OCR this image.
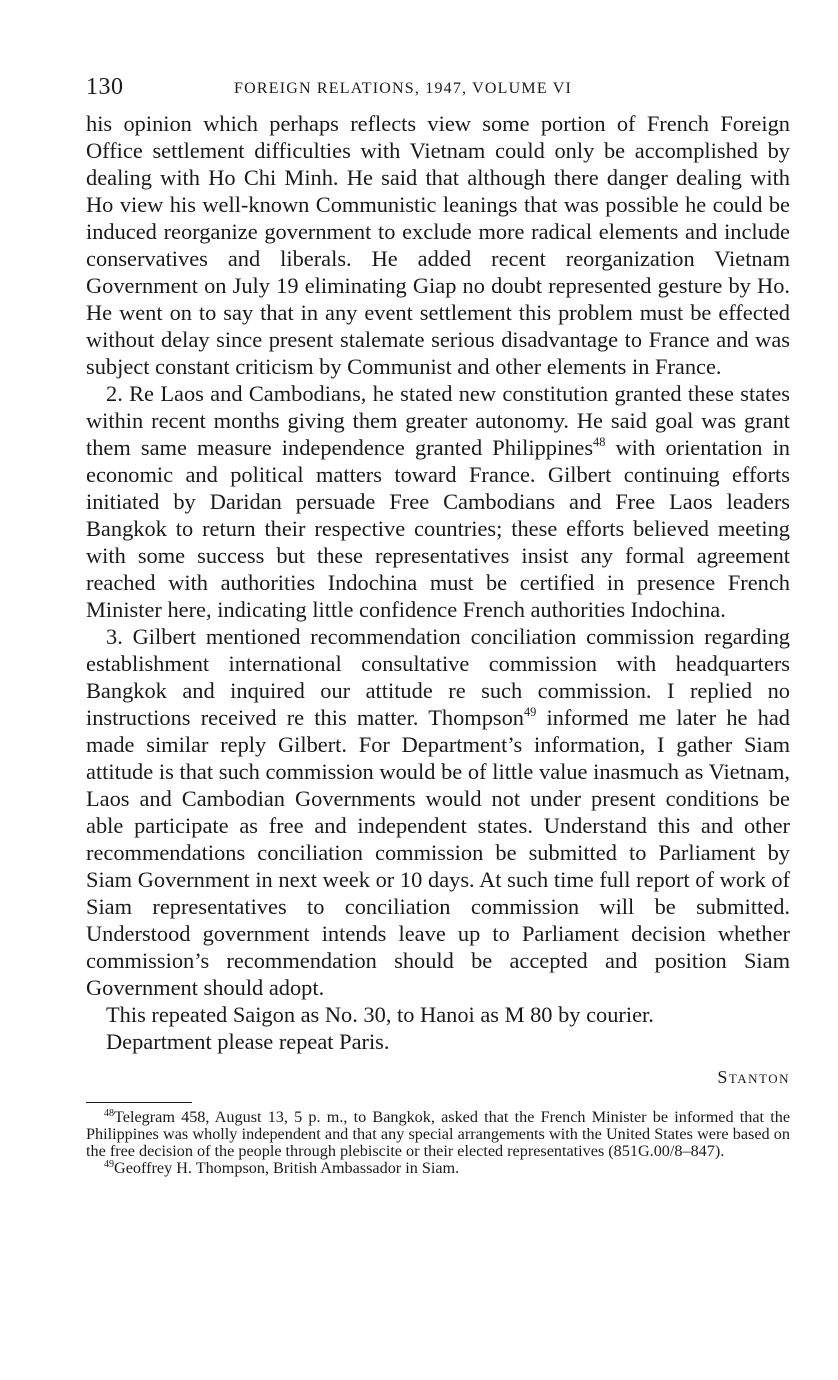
130	FOREIGN RELATIONS, 1947, VOLUME VI

his opinion which perhaps reflects view some portion of French Foreign Office settlement difficulties with Vietnam could only be accomplished by dealing with Ho Chi Minh. He said that although there danger dealing with Ho view his well-known Communistic leanings that was possible he could be induced reorganize government to exclude more radical elements and include conservatives and liberals. He added recent reorganization Vietnam Government on July 19 eliminating Giap no doubt represented gesture by Ho. He went on to say that in any event settlement this problem must be effected without delay since present stalemate serious disadvantage to France and was subject constant criticism by Communist and other elements in France.

2. Re Laos and Cambodians, he stated new constitution granted these states within recent months giving them greater autonomy. He said goal was grant them same measure independence granted Philippines$^{48}$ with orientation in economic and political matters toward France. Gilbert continuing efforts initiated by Daridan persuade Free Cambodians and Free Laos leaders Bangkok to return their respective countries; these efforts believed meeting with some success but these representatives insist any formal agreement reached with authorities Indochina must be certified in presence French Minister here, indicating little confidence French authorities Indochina.

3. Gilbert mentioned recommendation conciliation commission regarding establishment international consultative commission with headquarters Bangkok and inquired our attitude re such commission. I replied no instructions received re this matter. Thompson$^{49}$ informed me later he had made similar reply Gilbert. For Department’s information, I gather Siam attitude is that such commission would be of little value inasmuch as Vietnam, Laos and Cambodian Governments would not under present conditions be able participate as free and independent states. Understand this and other recommendations conciliation commission be submitted to Parliament by Siam Government in next week or 10 days. At such time full report of work of Siam representatives to conciliation commission will be submitted. Understood government intends leave up to Parliament decision whether commission’s recommendation should be accepted and position Siam Government should adopt.

This repeated Saigon as No. 30, to Hanoi as M 80 by courier.

Department please repeat Paris.

Stanton

$^{48}$Telegram 458, August 13, 5 p. m., to Bangkok, asked that the French Minister be informed that the Philippines was wholly independent and that any special arrangements with the United States were based on the free decision of the people through plebiscite or their elected representatives (851G.00/8–847).

$^{49}$Geoffrey H. Thompson, British Ambassador in Siam.
